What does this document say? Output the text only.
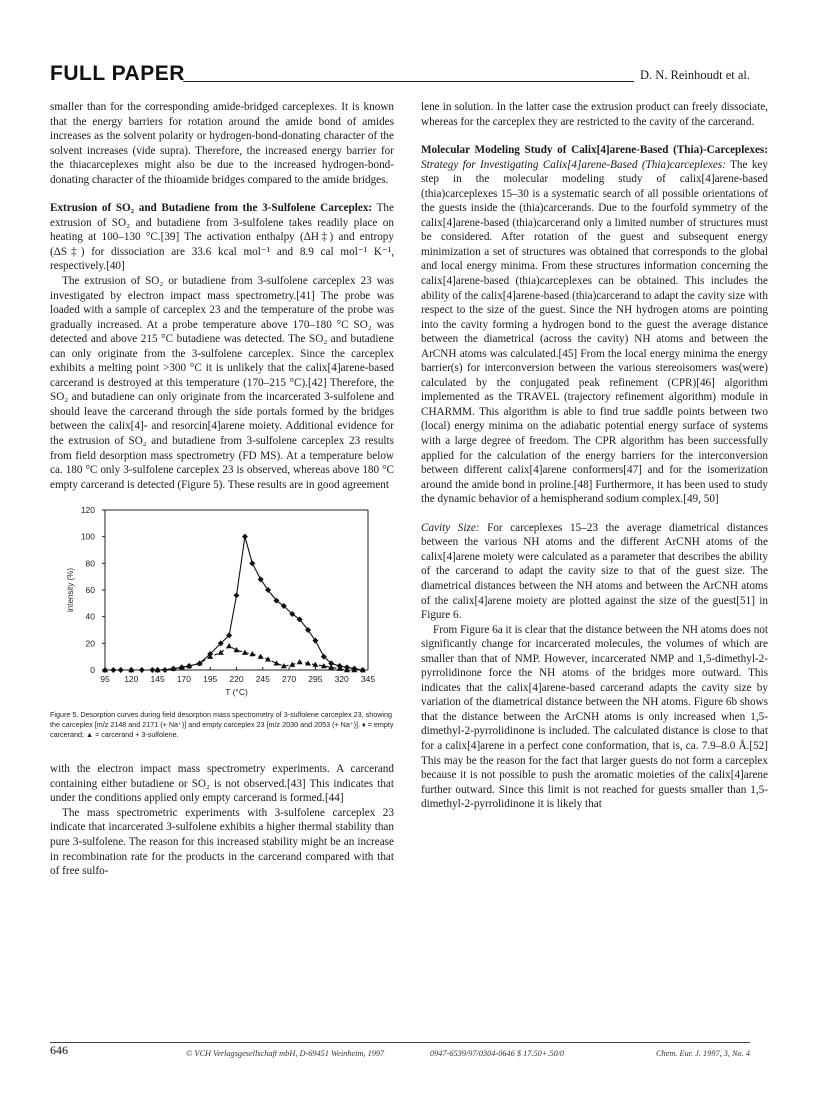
FULL PAPER	D. N. Reinhoudt et al.

smaller than for the corresponding amide-bridged carceplexes. It is known that the energy barriers for rotation around the amide bond of amides increases as the solvent polarity or hydrogen-bond-donating character of the solvent increases (vide supra). Therefore, the increased energy barrier for the thiacarceplexes might also be due to the increased hydrogen-bond-donating character of the thioamide bridges compared to the amide bridges.

Extrusion of SO₂ and Butadiene from the 3-Sulfolene Carceplex: The extrusion of SO₂ and butadiene from 3-sulfolene takes readily place on heating at 100–130 °C.[39] The activation enthalpy (ΔH‡) and entropy (ΔS‡) for dissociation are 33.6 kcal mol⁻¹ and 8.9 cal mol⁻¹ K⁻¹, respectively.[40]

The extrusion of SO₂ or butadiene from 3-sulfolene carceplex 23 was investigated by electron impact mass spectrometry.[41] The probe was loaded with a sample of carceplex 23 and the temperature of the probe was gradually increased. At a probe temperature above 170–180 °C SO₂ was detected and above 215 °C butadiene was detected. The SO₂ and butadiene can only originate from the 3-sulfolene carceplex. Since the carceplex exhibits a melting point >300 °C it is unlikely that the calix[4]arene-based carcerand is destroyed at this temperature (170–215 °C).[42] Therefore, the SO₂ and butadiene can only originate from the incarcerated 3-sulfolene and should leave the carcerand through the side portals formed by the bridges between the calix[4]- and resorcin[4]arene moiety. Additional evidence for the extrusion of SO₂ and butadiene from 3-sulfolene carceplex 23 results from field desorption mass spectrometry (FD MS). At a temperature below ca. 180 °C only 3-sulfolene carceplex 23 is observed, whereas above 180 °C empty carcerand is detected (Figure 5). These results are in good agreement

0
20
40
60
80
100
120
95 120 145 170 195 220 245 270 295 320 345
T (°C)
intensity (%)
Figure 5. Desorption curves during field desorption mass spectrometry of 3-sulfolene carceplex 23, showing the carceplex [m/z 2148 and 2171 (+ Na⁺)] and empty carceplex 23 [m/z 2030 and 2053 (+ Na⁺)]. ♦ = empty carcerand; ▲ = carcerand + 3-sulfolene.

with the electron impact mass spectrometry experiments. A carcerand containing either butadiene or SO₂ is not observed.[43] This indicates that under the conditions applied only empty carcerand is formed.[44]

The mass spectrometric experiments with 3-sulfolene carceplex 23 indicate that incarcerated 3-sulfolene exhibits a higher thermal stability than pure 3-sulfolene. The reason for this increased stability might be an increase in recombination rate for the products in the carcerand compared with that of free sulfo-

lene in solution. In the latter case the extrusion product can freely dissociate, whereas for the carceplex they are restricted to the cavity of the carcerand.

Molecular Modeling Study of Calix[4]arene-Based (Thia)-Carceplexes: Strategy for Investigating Calix[4]arene-Based (Thia)carceplexes: The key step in the molecular modeling study of calix[4]arene-based (thia)carceplexes 15–30 is a systematic search of all possible orientations of the guests inside the (thia)carcerands. Due to the fourfold symmetry of the calix[4]arene-based (thia)carcerand only a limited number of structures must be considered. After rotation of the guest and subsequent energy minimization a set of structures was obtained that corresponds to the global and local energy minima. From these structures information concerning the calix[4]arene-based (thia)carceplexes can be obtained. This includes the ability of the calix[4]arene-based (thia)carcerand to adapt the cavity size with respect to the size of the guest. Since the NH hydrogen atoms are pointing into the cavity forming a hydrogen bond to the guest the average distance between the diametrical (across the cavity) NH atoms and between the ArCNH atoms was calculated.[45] From the local energy minima the energy barrier(s) for interconversion between the various stereoisomers was(were) calculated by the conjugated peak refinement (CPR)[46] algorithm implemented as the TRAVEL (trajectory refinement algorithm) module in CHARMM. This algorithm is able to find true saddle points between two (local) energy minima on the adiabatic potential energy surface of systems with a large degree of freedom. The CPR algorithm has been successfully applied for the calculation of the energy barriers for the interconversion between different calix[4]arene conformers[47] and for the isomerization around the amide bond in proline.[48] Furthermore, it has been used to study the dynamic behavior of a hemispherand sodium complex.[49, 50]

Cavity Size: For carceplexes 15–23 the average diametrical distances between the various NH atoms and the different ArCNH atoms of the calix[4]arene moiety were calculated as a parameter that describes the ability of the carcerand to adapt the cavity size to that of the guest size. The diametrical distances between the NH atoms and between the ArCNH atoms of the calix[4]arene moiety are plotted against the size of the guest[51] in Figure 6.

From Figure 6a it is clear that the distance between the NH atoms does not significantly change for incarcerated molecules, the volumes of which are smaller than that of NMP. However, incarcerated NMP and 1,5-dimethyl-2-pyrrolidinone force the NH atoms of the bridges more outward. This indicates that the calix[4]arene-based carcerand adapts the cavity size by variation of the diametrical distance between the NH atoms. Figure 6b shows that the distance between the ArCNH atoms is only increased when 1,5-dimethyl-2-pyrrolidinone is included. The calculated distance is close to that for a calix[4]arene in a perfect cone conformation, that is, ca. 7.9–8.0 Å.[52] This may be the reason for the fact that larger guests do not form a carceplex because it is not possible to push the aromatic moieties of the calix[4]arene further outward. Since this limit is not reached for guests smaller than 1,5-dimethyl-2-pyrrolidinone it is likely that

646	© VCH Verlagsgesellschaft mbH, D-69451 Weinheim, 1997	0947-6539/97/0304-0646 $ 17.50+.50/0	Chem. Eur. J. 1997, 3, No. 4
